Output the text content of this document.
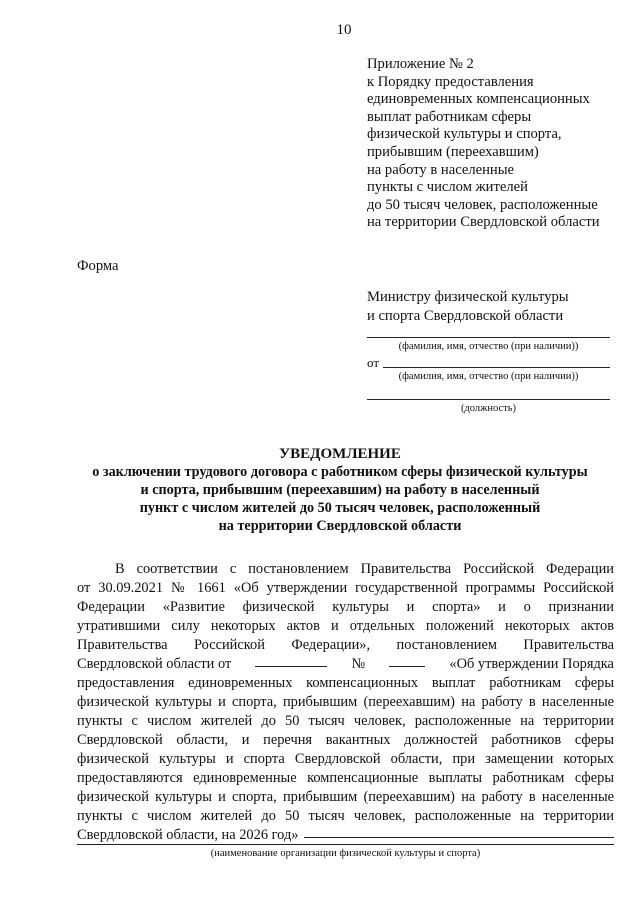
10
Приложение № 2
к Порядку предоставления
единовременных компенсационных
выплат работникам сферы
физической культуры и спорта,
прибывшим (переехавшим)
на работу в населенные
пункты с числом жителей
до 50 тысяч человек, расположенные
на территории Свердловской области
Форма
Министру физической культуры
и спорта Свердловской области
(фамилия, имя, отчество (при наличии))
от
(фамилия, имя, отчество (при наличии))
(должность)
УВЕДОМЛЕНИЕ
о заключении трудового договора с работником сферы физической культуры
и спорта, прибывшим (переехавшим) на работу в населенный
пункт с числом жителей до 50 тысяч человек, расположенный
на территории Свердловской области
В соответствии с постановлением Правительства Российской Федерации
от 30.09.2021 № 1661 «Об утверждении государственной программы Российской
Федерации «Развитие физической культуры и спорта» и о признании
утратившими силу некоторых актов и отдельных положений некоторых актов
Правительства Российской Федерации», постановлением Правительства
Свердловской области от	№	«Об утверждении Порядка
предоставления единовременных компенсационных выплат работникам сферы
физической культуры и спорта, прибывшим (переехавшим) на работу в населенные
пункты с числом жителей до 50 тысяч человек, расположенные на территории
Свердловской области, и перечня вакантных должностей работников сферы
физической культуры и спорта Свердловской области, при замещении которых
предоставляются единовременные компенсационные выплаты работникам сферы
физической культуры и спорта, прибывшим (переехавшим) на работу в населенные
пункты с числом жителей до 50 тысяч человек, расположенные на территории
Свердловской области, на 2026 год»
(наименование организации физической культуры и спорта)
